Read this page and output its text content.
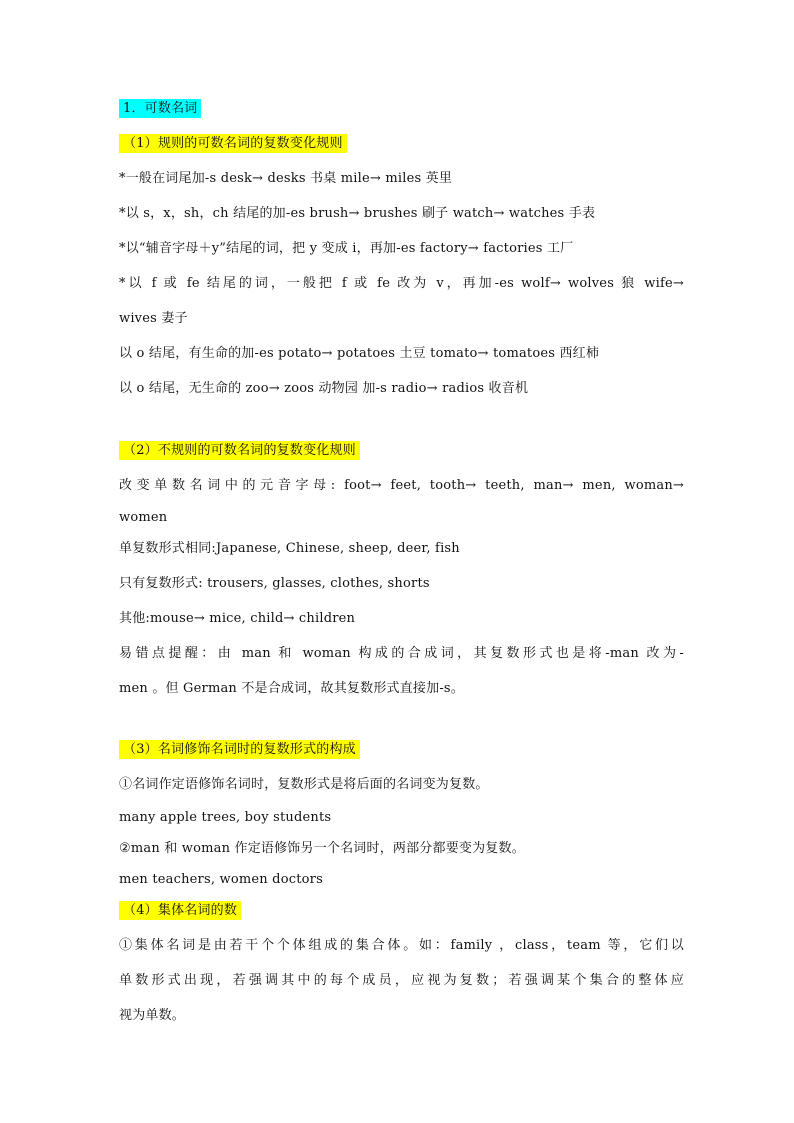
1．可数名词
（1）规则的可数名词的复数变化规则
*一般在词尾加-s desk→ desks 书桌 mile→ miles 英里
*以 s，x，sh，ch 结尾的加-es brush→ brushes 刷子 watch→ watches 手表
*以“辅音字母＋y”结尾的词，把 y 变成 i，再加-es factory→ factories 工厂
*以 f 或 fe 结尾的词，一般把 f 或 fe 改为 v，再加-es wolf→ wolves 狼 wife→
wives 妻子
以 o 结尾，有生命的加-es potato→ potatoes 土豆 tomato→ tomatoes 西红柿
以 o 结尾，无生命的 zoo→ zoos 动物园 加-s radio→ radios 收音机
（2）不规则的可数名词的复数变化规则
改变单数名词中的元音字母: foot→ feet, tooth→ teeth, man→ men, woman→
women
单复数形式相同:Japanese, Chinese, sheep, deer, fish
只有复数形式: trousers, glasses, clothes, shorts
其他:mouse→ mice, child→ children
易错点提醒：由 man 和 woman 构成的合成词，其复数形式也是将-man 改为-
men 。但 German 不是合成词，故其复数形式直接加-s。
（3）名词修饰名词时的复数形式的构成
①名词作定语修饰名词时，复数形式是将后面的名词变为复数。
many apple trees, boy students
②man 和 woman 作定语修饰另一个名词时，两部分都要变为复数。
men teachers, women doctors
（4）集体名词的数
①集体名词是由若干个个体组成的集合体。如：family ，class，team 等，它们以
单数形式出现，若强调其中的每个成员，应视为复数；若强调某个集合的整体应
视为单数。
